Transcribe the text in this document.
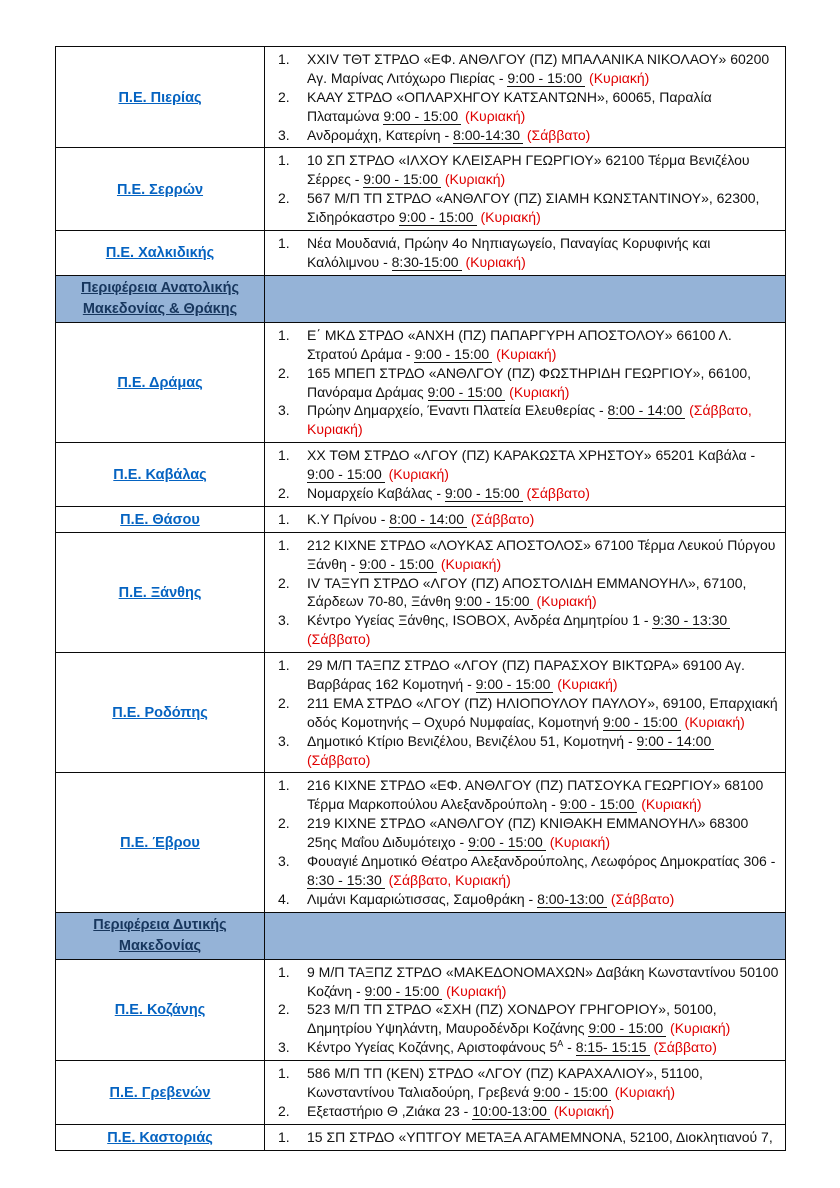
Π.Ε. Πιερίας	
XXIV ΤΘΤ ΣΤΡΔΟ «ΕΦ. ΑΝΘΛΓΟΥ (ΠΖ) ΜΠΑΛΑΝΙΚΑ ΝΙΚΟΛΑΟΥ» 60200 Αγ. Μαρίνας Λιτόχωρο Πιερίας - 9:00 - 15:00 (Κυριακή)
ΚΑΑΥ ΣΤΡΔΟ «ΟΠΛΑΡΧΗΓΟΥ ΚΑΤΣΑΝΤΩΝΗ», 60065, Παραλία Πλαταμώνα 9:00 - 15:00 (Κυριακή)
Ανδρομάχη, Κατερίνη - 8:00-14:30 (Σάββατο)

Π.Ε. Σερρών	
10 ΣΠ ΣΤΡΔΟ «ΙΛΧΟΥ ΚΛΕΙΣΑΡΗ ΓΕΩΡΓΙΟΥ» 62100 Τέρμα Βενιζέλου Σέρρες - 9:00 - 15:00 (Κυριακή)
567 Μ/Π ΤΠ ΣΤΡΔΟ «ΑΝΘΛΓΟΥ (ΠΖ) ΣΙΑΜΗ ΚΩΝΣΤΑΝΤΙΝΟΥ», 62300, Σιδηρόκαστρο 9:00 - 15:00 (Κυριακή)

Π.Ε. Χαλκιδικής	
Νέα Μουδανιά, Πρώην 4ο Νηπιαγωγείο, Παναγίας Κορυφινής και Καλόλιμνου - 8:30-15:00 (Κυριακή)

Περιφέρεια Ανατολικής Μακεδονίας & Θράκης	

Π.Ε. Δράμας	
Ε΄ ΜΚΔ ΣΤΡΔΟ «ΑΝΧΗ (ΠΖ) ΠΑΠΑΡΓΥΡΗ ΑΠΟΣΤΟΛΟΥ» 66100 Λ. Στρατού Δράμα - 9:00 - 15:00 (Κυριακή)
165 ΜΠΕΠ ΣΤΡΔΟ «ΑΝΘΛΓΟΥ (ΠΖ) ΦΩΣΤΗΡΙΔΗ ΓΕΩΡΓΙΟΥ», 66100, Πανόραμα Δράμας 9:00 - 15:00 (Κυριακή)
Πρώην Δημαρχείο, Έναντι Πλατεία Ελευθερίας - 8:00 - 14:00 (Σάββατο, Κυριακή)

Π.Ε. Καβάλας	
ΧΧ ΤΘΜ ΣΤΡΔΟ «ΛΓΟΥ (ΠΖ) ΚΑΡΑΚΩΣΤΑ ΧΡΗΣΤΟΥ» 65201 Καβάλα - 9:00 - 15:00 (Κυριακή)
Νομαρχείο Καβάλας - 9:00 - 15:00 (Σάββατο)

Π.Ε. Θάσου	Κ.Υ Πρίνου - 8:00 - 14:00 (Σάββατο)

Π.Ε. Ξάνθης	
212 ΚΙΧΝΕ ΣΤΡΔΟ «ΛΟΥΚΑΣ ΑΠΟΣΤΟΛΟΣ» 67100 Τέρμα Λευκού Πύργου Ξάνθη - 9:00 - 15:00 (Κυριακή)
IV ΤΑΞΥΠ ΣΤΡΔΟ «ΛΓΟΥ (ΠΖ) ΑΠΟΣΤΟΛΙΔΗ ΕΜΜΑΝΟΥΗΛ», 67100, Σάρδεων 70-80, Ξάνθη 9:00 - 15:00 (Κυριακή)
Κέντρο Υγείας Ξάνθης, ISOBOX, Ανδρέα Δημητρίου 1 - 9:30 - 13:30 (Σάββατο)

Π.Ε. Ροδόπης	
29 Μ/Π ΤΑΞΠΖ ΣΤΡΔΟ «ΛΓΟΥ (ΠΖ) ΠΑΡΑΣΧΟΥ ΒΙΚΤΩΡΑ» 69100 Αγ. Βαρβάρας 162 Κομοτηνή - 9:00 - 15:00 (Κυριακή)
211 ΕΜΑ ΣΤΡΔΟ «ΛΓΟΥ (ΠΖ) ΗΛΙΟΠΟΥΛΟΥ ΠΑΥΛΟΥ», 69100, Επαρχιακή οδός Κομοτηνής – Οχυρό Νυμφαίας, Κομοτηνή 9:00 - 15:00 (Κυριακή)
Δημοτικό Κτίριο Βενιζέλου, Βενιζέλου 51, Κομοτηνή - 9:00 - 14:00 (Σάββατο)

Π.Ε. Έβρου	
216 ΚΙΧΝΕ ΣΤΡΔΟ «ΕΦ. ΑΝΘΛΓΟΥ (ΠΖ) ΠΑΤΣΟΥΚΑ ΓΕΩΡΓΙΟΥ» 68100 Τέρμα Μαρκοπούλου Αλεξανδρούπολη - 9:00 - 15:00 (Κυριακή)
219 ΚΙΧΝΕ ΣΤΡΔΟ «ΑΝΘΛΓΟΥ (ΠΖ) ΚΝΙΘΑΚΗ ΕΜΜΑΝΟΥΗΛ» 68300 25ης Μαΐου Διδυμότειχο - 9:00 - 15:00 (Κυριακή)
Φουαγιέ Δημοτικό Θέατρο Αλεξανδρούπολης, Λεωφόρος Δημοκρατίας 306 - 8:30 - 15:30 (Σάββατο, Κυριακή)
Λιμάνι Καμαριώτισσας, Σαμοθράκη - 8:00-13:00 (Σάββατο)

Περιφέρεια Δυτικής Μακεδονίας	

Π.Ε. Κοζάνης	
9 Μ/Π ΤΑΞΠΖ ΣΤΡΔΟ «ΜΑΚΕΔΟΝΟΜΑΧΩΝ» Δαβάκη Κωνσταντίνου 50100 Κοζάνη - 9:00 - 15:00 (Κυριακή)
523 Μ/Π ΤΠ ΣΤΡΔΟ «ΣΧΗ (ΠΖ) ΧΟΝΔΡΟΥ ΓΡΗΓΟΡΙΟΥ», 50100, Δημητρίου Υψηλάντη, Μαυροδένδρι Κοζάνης 9:00 - 15:00 (Κυριακή)
Κέντρο Υγείας Κοζάνης, Αριστοφάνους $5^A$ - 8:15- 15:15 (Σάββατο)

Π.Ε. Γρεβενών	
586 Μ/Π ΤΠ (ΚΕΝ) ΣΤΡΔΟ «ΛΓΟΥ (ΠΖ) ΚΑΡΑΧΑΛΙΟΥ», 51100, Κωνσταντίνου Ταλιαδούρη, Γρεβενά 9:00 - 15:00 (Κυριακή)
Εξεταστήριο Θ ,Ζιάκα 23 - 10:00-13:00 (Κυριακή)

Π.Ε. Καστοριάς	15 ΣΠ ΣΤΡΔΟ «ΥΠΤΓΟΥ ΜΕΤΑΞΑ ΑΓΑΜΕΜΝΟΝΑ, 52100, Διοκλητιανού 7,
